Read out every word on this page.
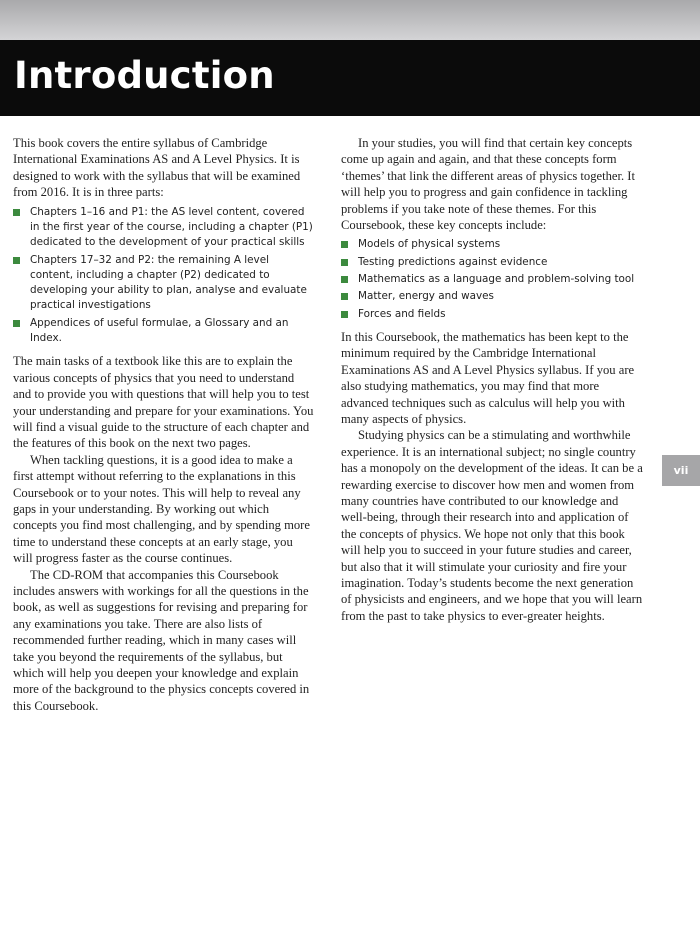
Introduction

This book covers the entire syllabus of Cambridge International Examinations AS and A Level Physics. It is designed to work with the syllabus that will be examined from 2016. It is in three parts:

Chapters 1–16 and P1: the AS level content, covered in the first year of the course, including a chapter (P1) dedicated to the development of your practical skills
Chapters 17–32 and P2: the remaining A level content, including a chapter (P2) dedicated to developing your ability to plan, analyse and evaluate practical investigations
Appendices of useful formulae, a Glossary and an Index.

The main tasks of a textbook like this are to explain the various concepts of physics that you need to understand and to provide you with questions that will help you to test your understanding and prepare for your examinations. You will find a visual guide to the structure of each chapter and the features of this book on the next two pages.

When tackling questions, it is a good idea to make a first attempt without referring to the explanations in this Coursebook or to your notes. This will help to reveal any gaps in your understanding. By working out which concepts you find most challenging, and by spending more time to understand these concepts at an early stage, you will progress faster as the course continues.

The CD-ROM that accompanies this Coursebook includes answers with workings for all the questions in the book, as well as suggestions for revising and preparing for any examinations you take. There are also lists of recommended further reading, which in many cases will take you beyond the requirements of the syllabus, but which will help you deepen your knowledge and explain more of the background to the physics concepts covered in this Coursebook.

In your studies, you will find that certain key concepts come up again and again, and that these concepts form ‘themes’ that link the different areas of physics together. It will help you to progress and gain confidence in tackling problems if you take note of these themes. For this Coursebook, these key concepts include:

Models of physical systems
Testing predictions against evidence
Mathematics as a language and problem-solving tool
Matter, energy and waves
Forces and fields

In this Coursebook, the mathematics has been kept to the minimum required by the Cambridge International Examinations AS and A Level Physics syllabus. If you are also studying mathematics, you may find that more advanced techniques such as calculus will help you with many aspects of physics.

Studying physics can be a stimulating and worthwhile experience. It is an international subject; no single country has a monopoly on the development of the ideas. It can be a rewarding exercise to discover how men and women from many countries have contributed to our knowledge and well-being, through their research into and application of the concepts of physics. We hope not only that this book will help you to succeed in your future studies and career, but also that it will stimulate your curiosity and fire your imagination. Today’s students become the next generation of physicists and engineers, and we hope that you will learn from the past to take physics to ever-greater heights.

vii
